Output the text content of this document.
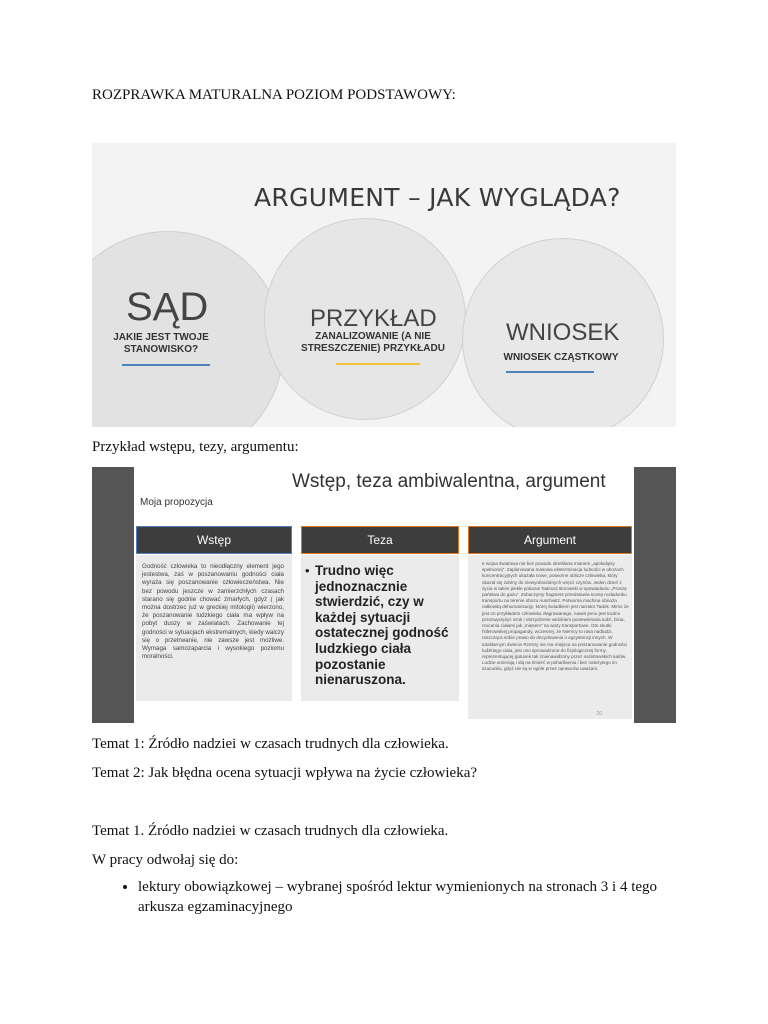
ROZPRAWKA MATURALNA POZIOM PODSTAWOWY:
ARGUMENT – JAK WYGLĄDA?
SĄD
JAKIE JEST TWOJE STANOWISKO?
PRZYKŁAD
ZANALIZOWANIE (A NIE STRESZCZENIE) PRZYKŁADU
WNIOSEK
WNIOSEK CZĄSTKOWY
Przykład wstępu, tezy, argumentu:
Wstęp, teza ambiwalentna, argument
Moja propozycja
Wstęp
Godność człowieka to nieodłączny element jego jestestwa, zaś w poszanowaniu godności ciała wyraża się poszanowanie człowieczeństwa. Nie bez powodu jeszcze w zamierzchłych czasach starano się godnie chować zmarłych, gdyż ( jak można dostrzec już w greckiej mitologii) wierzono, że poszanowanie ludzkiego ciała ma wpływ na pobyt duszy w zaświatach. Zachowanie tej godności w sytuacjach ekstremalnych, kiedy walczy się o przetrwanie, nie zawsze jest możliwe. Wymaga samozaparcia i wysokiego poziomu moralności.
Teza
• Trudno więc jednoznacznie stwierdzić, czy w każdej sytuacji ostatecznej godność ludzkiego ciała pozostanie nienaruszona.
Argument
II wojna światowa nie bez powodu określana mianem „apokalipsy spełnionej”. Zaplanowana masowa eksterminacja ludności w obozach koncentracyjnych ukazała nowe, potworne oblicze człowieka, który okazał się zdolny do niewyobrażalnych wręcz czynów. Jeden dzień z życia w takim piekle pokazał Tadeusz Borowski w opowiadaniu „Proszę państwa do gazu”. Zobaczymy fragment przedstawia scenę rozładunku transportu na terenie obozu Auschwitz. Potworna machina obnaża całkowitą dehumanizację, której świadkiem jest narrator Tadek. Mimo że jest on przykładem człowieka złagrowanego, nawet jemu jest trudno przezwyciężyć szok i obrzydzenie widokiem poniewierania ludzi, bicia, rzucania ciałami jak „mięsem” na wozy transportowe. Oto skutki hitlerowskiej propagandy, wczesnej, że Niemcy to rasa nadludzi, roszcząca sobie prawo do decydowania o egzystencji innych. W totalitarnym świecie Rzeszy nie ma miejsca na poszanowanie godności ludzkiego ciała, jest ono sprowadzone do fizjologicznej formy, reprezentującej gatunek tak znienawidzony przez nazistowskich katów. Ludzie umierają i idą na śmierć w pohańbieniu i bez należytego im szacunku, gdyż nie są w ogóle przez oprawców uważani.
20
Temat 1: Źródło nadziei w czasach trudnych dla człowieka.
Temat 2: Jak błędna ocena sytuacji wpływa na życie człowieka?
Temat 1. Źródło nadziei w czasach trudnych dla człowieka.
W pracy odwołaj się do:
• lektury obowiązkowej – wybranej spośród lektur wymienionych na stronach 3 i 4 tego arkusza egzaminacyjnego
